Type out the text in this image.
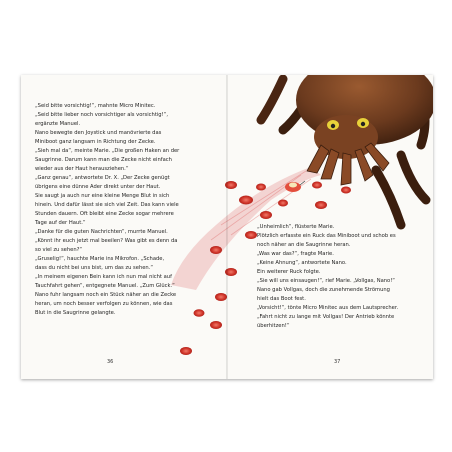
„Seid bitte vorsichtig!“, mahnte Micro Minitec.

„Seid bitte lieber noch vorsichtiger als vorsichtig!“,

ergänzte Manuel.

Nano bewegte den Joystick und manövrierte das

Miniboot ganz langsam in Richtung der Zecke.

„Sieh mal da“, meinte Marie. „Die großen Haken an der

Saugrinne. Darum kann man die Zecke nicht einfach

wieder aus der Haut herausziehen.“

„Ganz genau“, antwortete Dr. X. „Der Zecke genügt

übrigens eine dünne Ader direkt unter der Haut.

Sie saugt ja auch nur eine kleine Menge Blut in sich

hinein. Und dafür lässt sie sich viel Zeit. Das kann viele

Stunden dauern. Oft bleibt eine Zecke sogar mehrere

Tage auf der Haut.“

„Danke für die guten Nachrichten“, murrte Manuel.

„Könnt ihr euch jetzt mal beeilen? Was gibt es denn da

so viel zu sehen?“

„Gruselig!“, hauchte Marie ins Mikrofon. „Schade,

dass du nicht bei uns bist, um das zu sehen.“

„In meinem eigenen Bein kann ich nun mal nicht auf

Tauchfahrt gehen“, entgegnete Manuel. „Zum Glück.“

Nano fuhr langsam noch ein Stück näher an die Zecke

heran, um noch besser verfolgen zu können, wie das

Blut in die Saugrinne gelangte.

„Unheimlich“, flüsterte Marie.

Plötzlich erfasste ein Ruck das Miniboot und schob es

noch näher an die Saugrinne heran.

„Was war das?“, fragte Marie.

„Keine Ahnung“, antwortete Nano.

Ein weiterer Ruck folgte.

„Sie will uns einsaugen!“, rief Marie. „Vollgas, Nano!“

Nano gab Vollgas, doch die zunehmende Strömung

hielt das Boot fest.

„Vorsicht!“, tönte Micro Minitec aus dem Lautsprecher.

„Fahrt nicht zu lange mit Vollgas! Der Antrieb könnte

überhitzen!“

36	37
